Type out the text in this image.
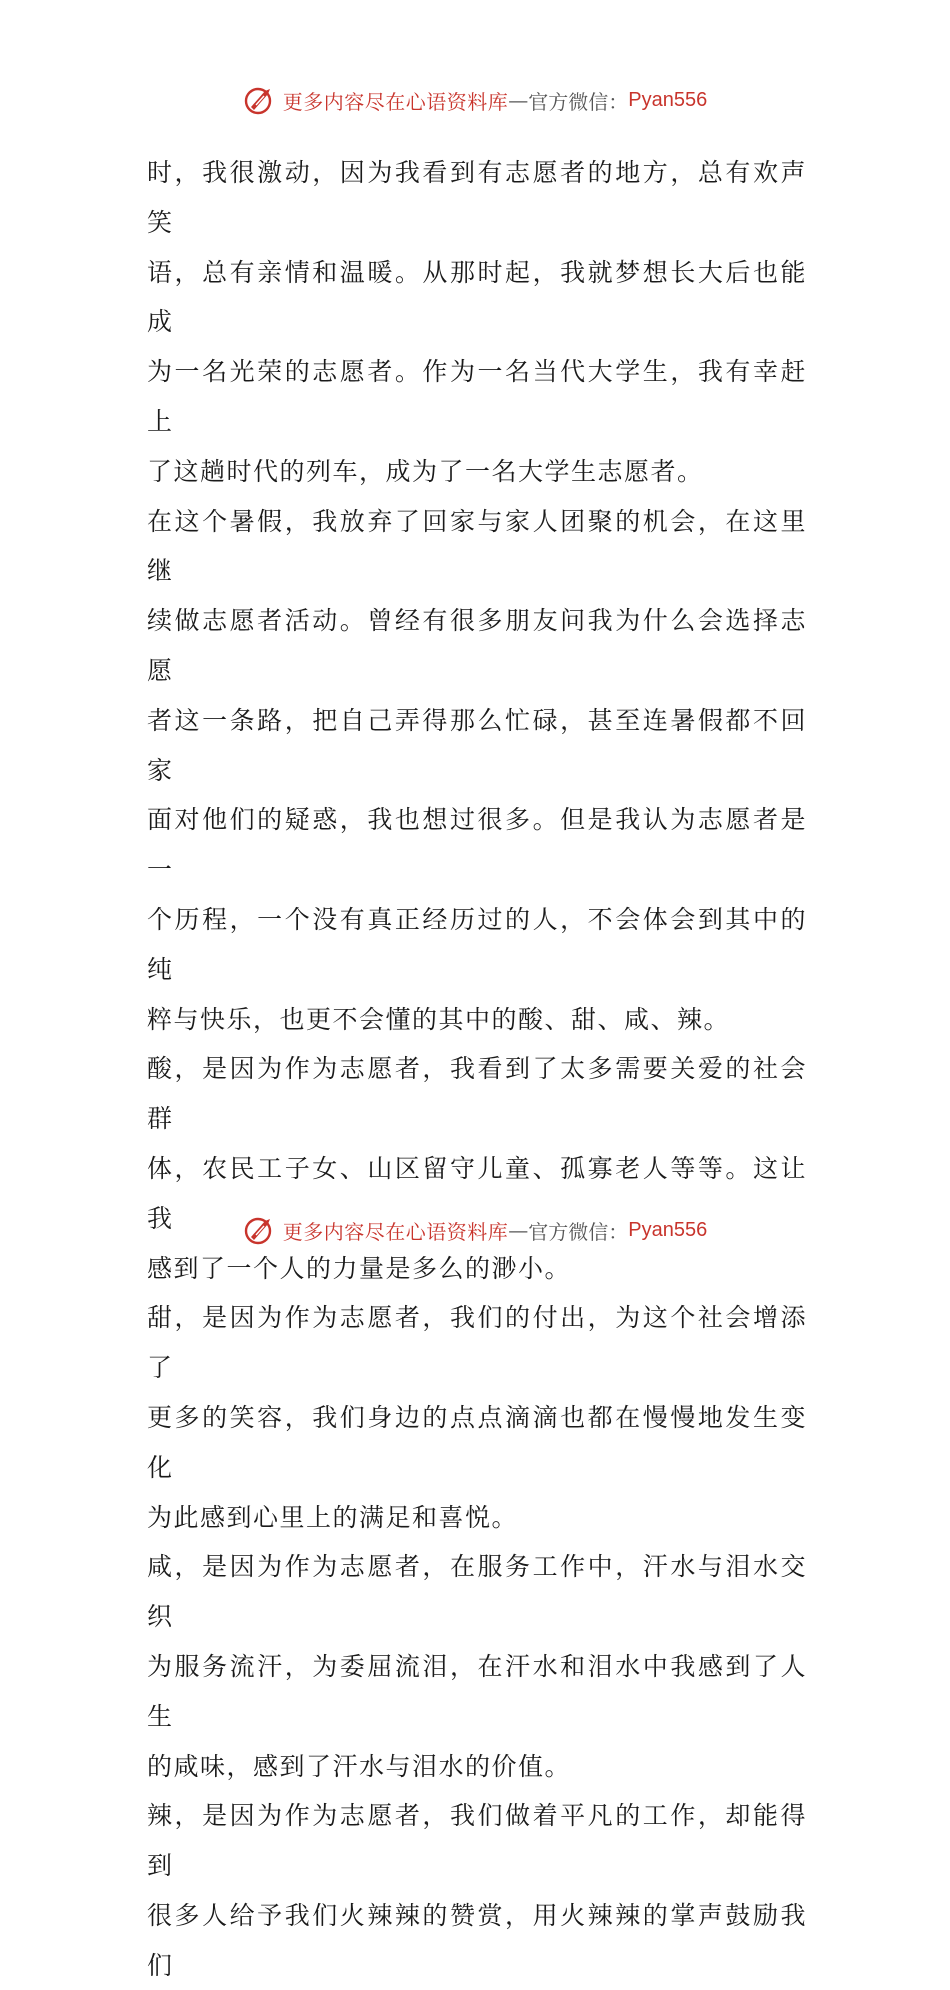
更多内容尽在心语资料库 — 官方微信： Pyan556
时，我很激动，因为我看到有志愿者的地方，总有欢声笑
语，总有亲情和温暖。从那时起，我就梦想长大后也能成
为一名光荣的志愿者。作为一名当代大学生，我有幸赶上
了这趟时代的列车，成为了一名大学生志愿者。
在这个暑假，我放弃了回家与家人团聚的机会，在这里继
续做志愿者活动。曾经有很多朋友问我为什么会选择志愿
者这一条路，把自己弄得那么忙碌，甚至连暑假都不回家
面对他们的疑惑，我也想过很多。但是我认为志愿者是一
个历程，一个没有真正经历过的人，不会体会到其中的纯
粹与快乐，也更不会懂的其中的酸、甜、咸、辣。
酸，是因为作为志愿者，我看到了太多需要关爱的社会群
体，农民工子女、山区留守儿童、孤寡老人等等。这让我
感到了一个人的力量是多么的渺小。
甜，是因为作为志愿者，我们的付出，为这个社会增添了
更多的笑容，我们身边的点点滴滴也都在慢慢地发生变化
为此感到心里上的满足和喜悦。
咸，是因为作为志愿者，在服务工作中，汗水与泪水交织
为服务流汗，为委屈流泪，在汗水和泪水中我感到了人生
的咸味，感到了汗水与泪水的价值。
辣，是因为作为志愿者，我们做着平凡的工作，却能得到
很多人给予我们火辣辣的赞赏，用火辣辣的掌声鼓励我们
更多内容尽在心语资料库 — 官方微信： Pyan556
